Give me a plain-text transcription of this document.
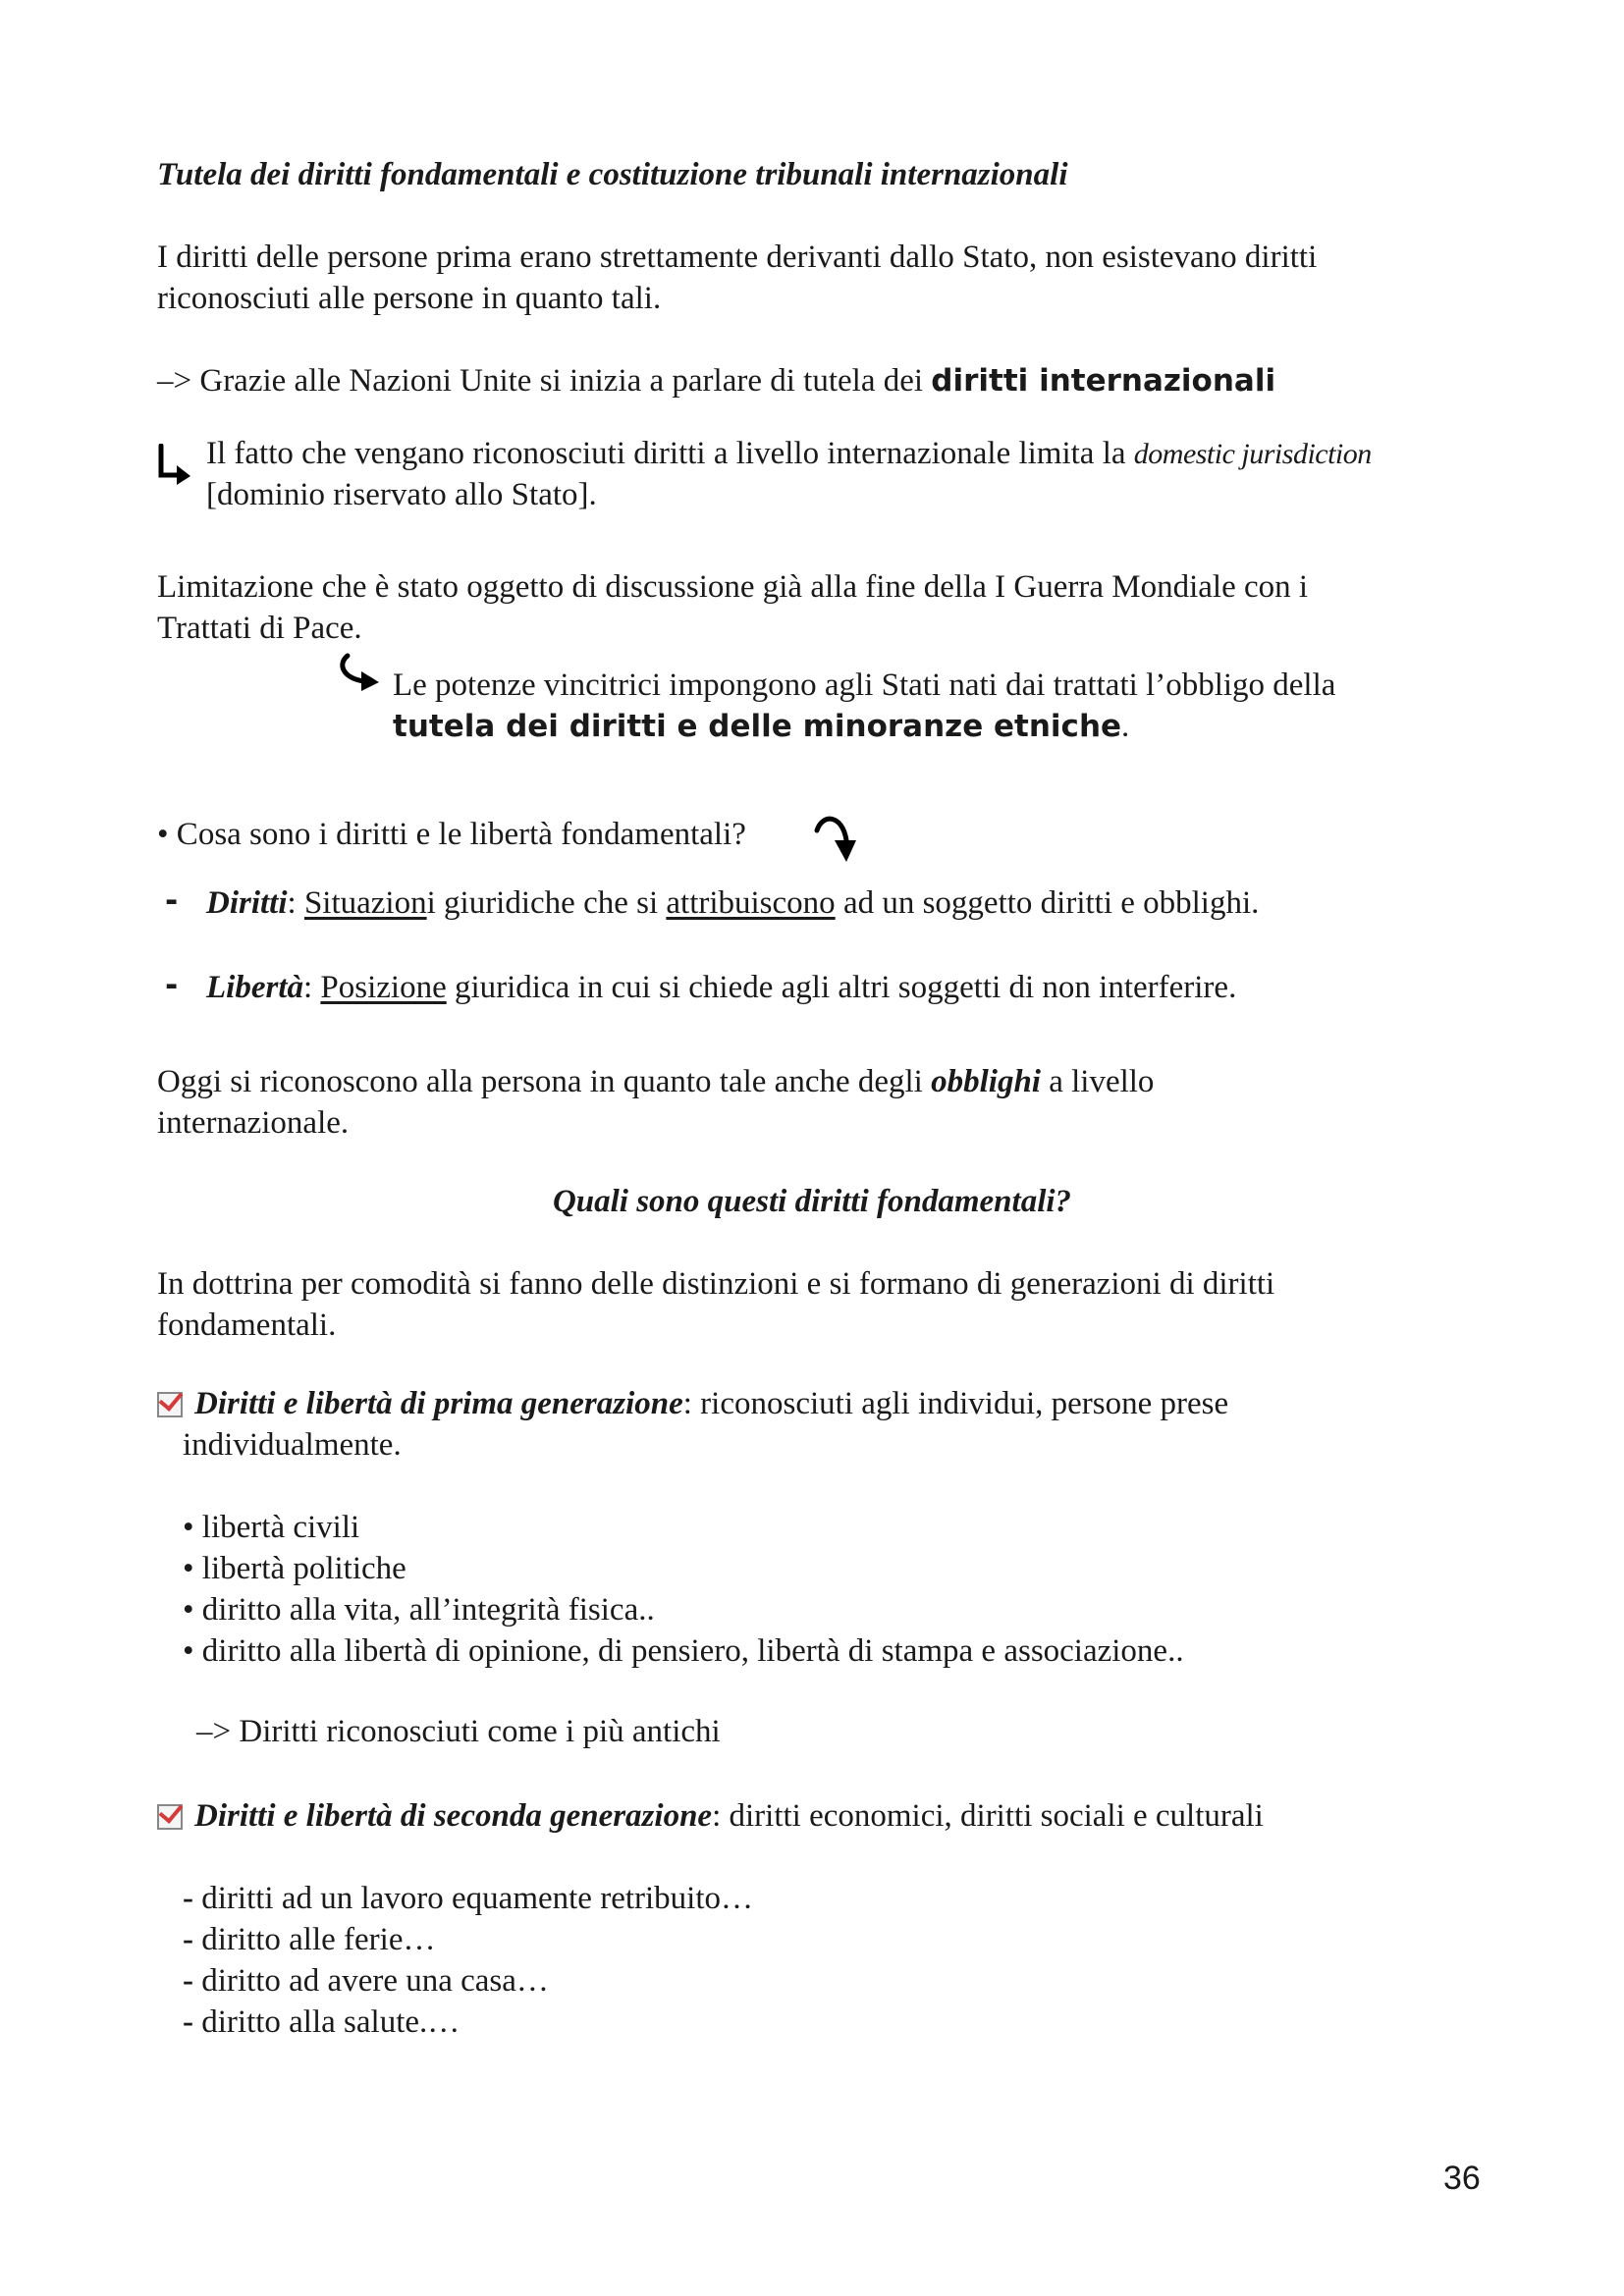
Tutela dei diritti fondamentali e costituzione tribunali internazionali
I diritti delle persone prima erano strettamente derivanti dallo Stato, non esistevano diritti
riconosciuti alle persone in quanto tali.
–> Grazie alle Nazioni Unite si inizia a parlare di tutela dei diritti internazionali
Il fatto che vengano riconosciuti diritti a livello internazionale limita la domestic jurisdiction
[dominio riservato allo Stato].
Limitazione che è stato oggetto di discussione già alla fine della I Guerra Mondiale con i
Trattati di Pace.
Le potenze vincitrici impongono agli Stati nati dai trattati l’obbligo della
tutela dei diritti e delle minoranze etniche.
• Cosa sono i diritti e le libertà fondamentali?
- Diritti: Situazioni giuridiche che si attribuiscono ad un soggetto diritti e obblighi.
- Libertà: Posizione giuridica in cui si chiede agli altri soggetti di non interferire.
Oggi si riconoscono alla persona in quanto tale anche degli obblighi a livello
internazionale.
Quali sono questi diritti fondamentali?
In dottrina per comodità si fanno delle distinzioni e si formano di generazioni di diritti
fondamentali.
Diritti e libertà di prima generazione: riconosciuti agli individui, persone prese
individualmente.
• libertà civili
• libertà politiche
• diritto alla vita, all’integrità fisica..
• diritto alla libertà di opinione, di pensiero, libertà di stampa e associazione..
–> Diritti riconosciuti come i più antichi
Diritti e libertà di seconda generazione: diritti economici, diritti sociali e culturali
- diritti ad un lavoro equamente retribuito…
- diritto alle ferie…
- diritto ad avere una casa…
- diritto alla salute.…
36
